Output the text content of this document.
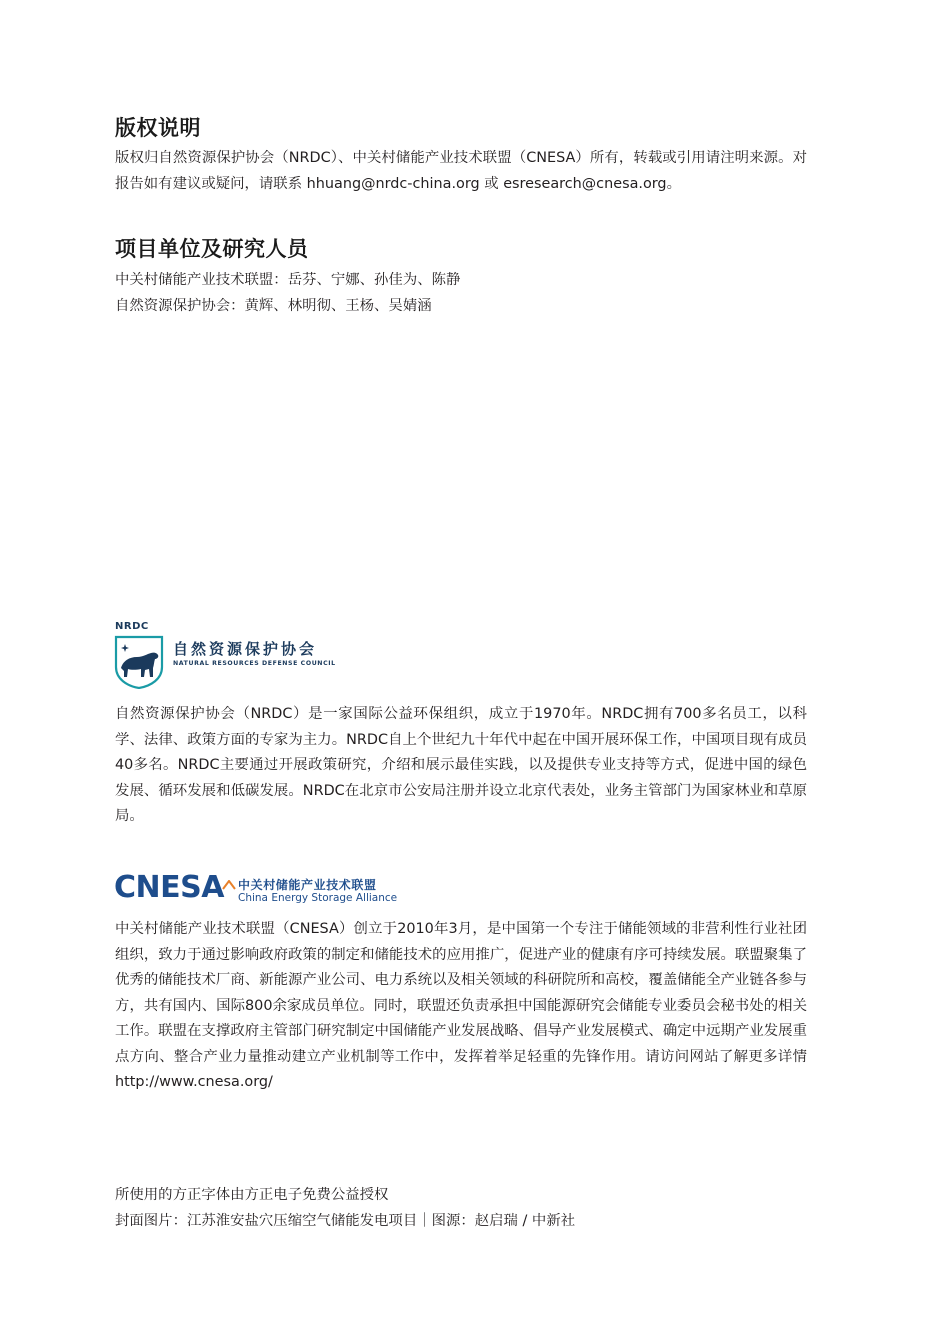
版权说明

版权归自然资源保护协会（NRDC）、中关村储能产业技术联盟（CNESA）所有，转载或引用请注明来源。对报告如有建议或疑问，请联系 hhuang@nrdc-china.org 或 esresearch@cnesa.org。

项目单位及研究人员
中关村储能产业技术联盟：岳芬、宁娜、孙佳为、陈静
自然资源保护协会：黄辉、林明彻、王杨、吴婧涵
NRDC
自然资源保护协会
NATURAL RESOURCES DEFENSE COUNCIL

自然资源保护协会（NRDC）是一家国际公益环保组织，成立于1970年。NRDC拥有700多名员工，以科学、法律、政策方面的专家为主力。NRDC自上个世纪九十年代中起在中国开展环保工作，中国项目现有成员40多名。NRDC主要通过开展政策研究，介绍和展示最佳实践，以及提供专业支持等方式，促进中国的绿色发展、循环发展和低碳发展。NRDC在北京市公安局注册并设立北京代表处，业务主管部门为国家林业和草原局。

CNESA 中关村储能产业技术联盟
China Energy Storage Alliance

中关村储能产业技术联盟（CNESA）创立于2010年3月，是中国第一个专注于储能领域的非营利性行业社团组织，致力于通过影响政府政策的制定和储能技术的应用推广，促进产业的健康有序可持续发展。联盟聚集了优秀的储能技术厂商、新能源产业公司、电力系统以及相关领域的科研院所和高校，覆盖储能全产业链各参与方，共有国内、国际800余家成员单位。同时，联盟还负责承担中国能源研究会储能专业委员会秘书处的相关工作。联盟在支撑政府主管部门研究制定中国储能产业发展战略、倡导产业发展模式、确定中远期产业发展重点方向、整合产业力量推动建立产业机制等工作中，发挥着举足轻重的先锋作用。请访问网站了解更多详情 http://www.cnesa.org/

所使用的方正字体由方正电子免费公益授权
封面图片：江苏淮安盐穴压缩空气储能发电项目｜图源：赵启瑞 / 中新社
